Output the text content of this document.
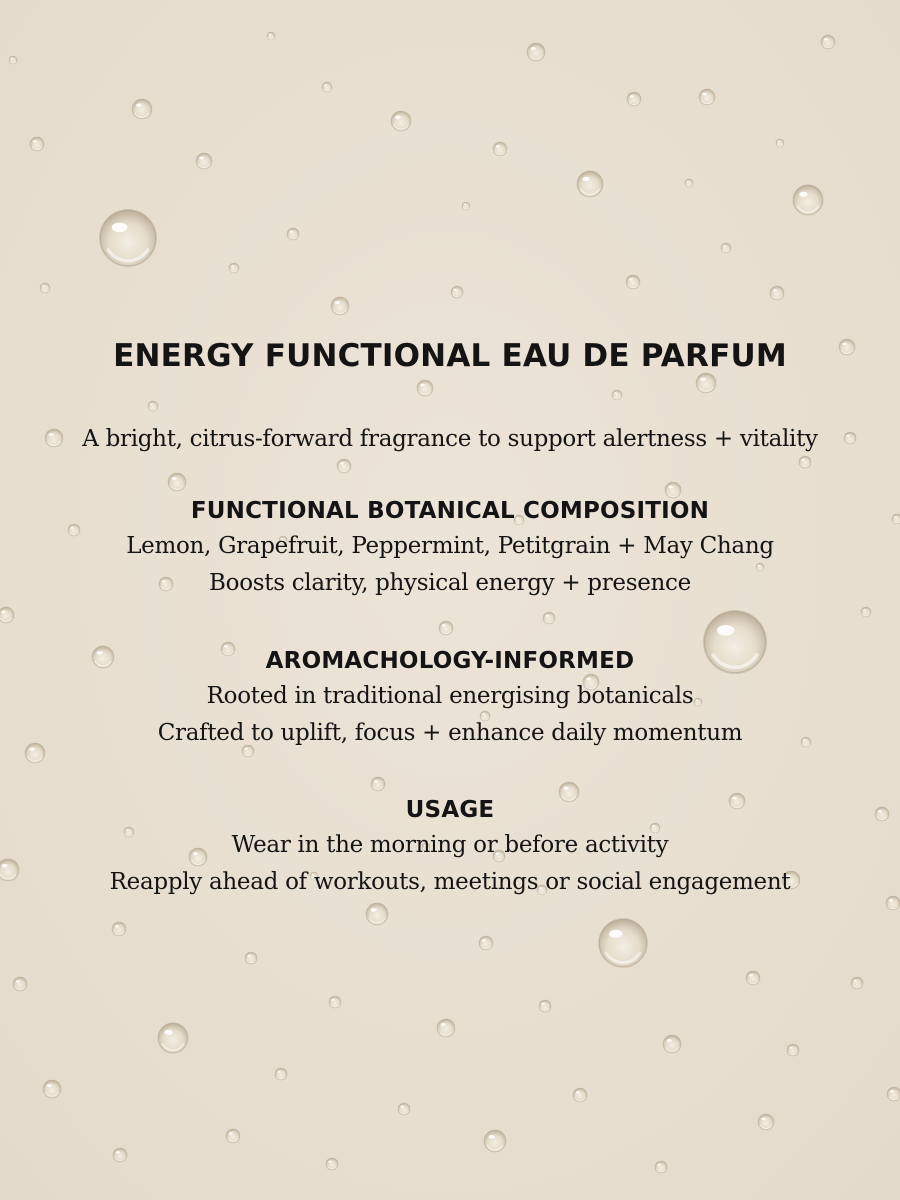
ENERGY FUNCTIONAL EAU DE PARFUM

A bright, citrus-forward fragrance to support alertness + vitality

FUNCTIONAL BOTANICAL COMPOSITION

Lemon, Grapefruit, Peppermint, Petitgrain + May Chang

Boosts clarity, physical energy + presence

AROMACHOLOGY-INFORMED

Rooted in traditional energising botanicals

Crafted to uplift, focus + enhance daily momentum

USAGE

Wear in the morning or before activity

Reapply ahead of workouts, meetings or social engagement
